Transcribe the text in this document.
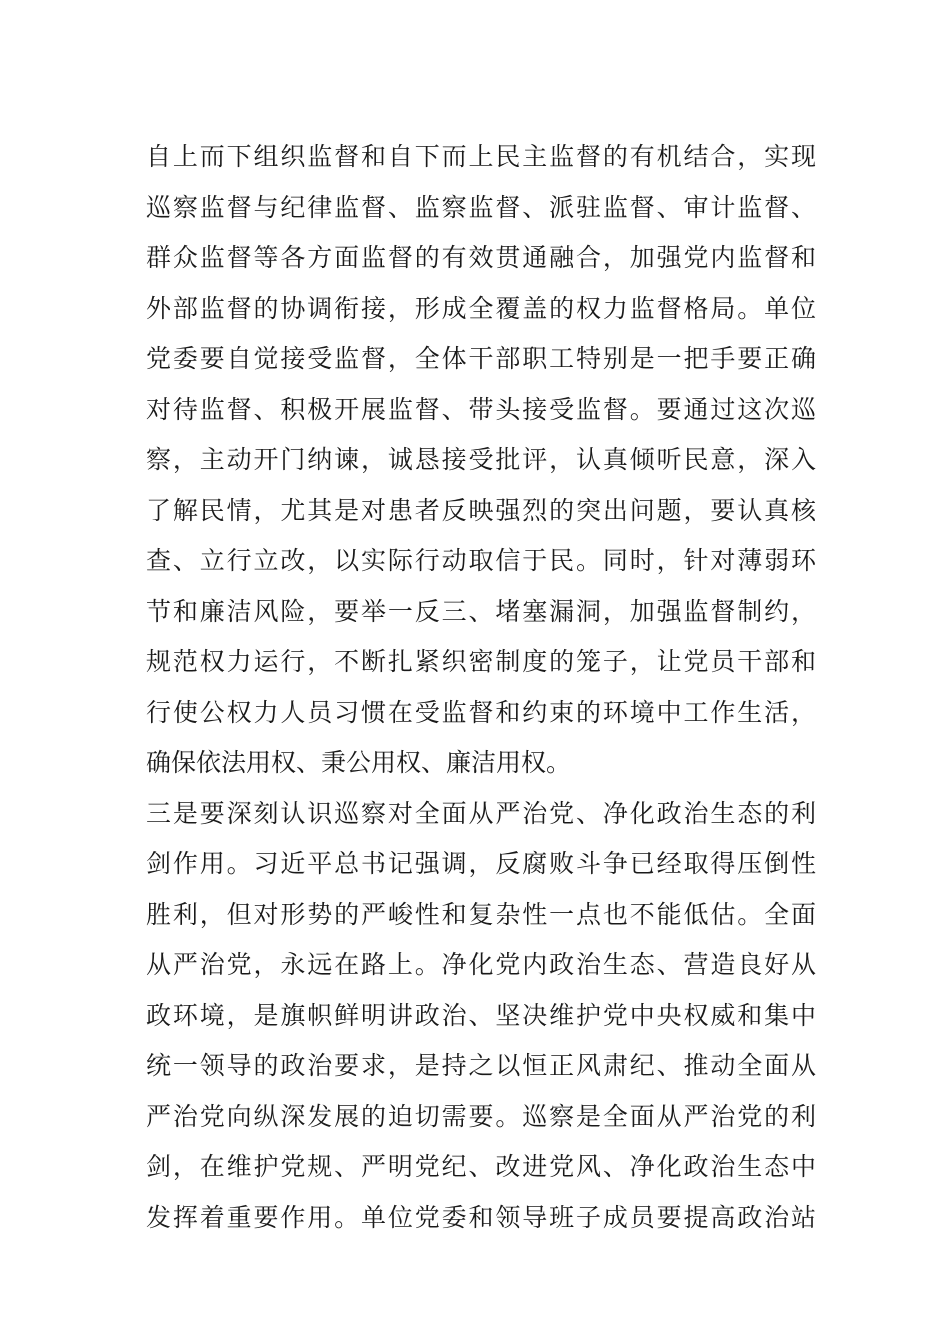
自上而下组织监督和自下而上民主监督的有机结合，实现
巡察监督与纪律监督、监察监督、派驻监督、审计监督、
群众监督等各方面监督的有效贯通融合，加强党内监督和
外部监督的协调衔接，形成全覆盖的权力监督格局。单位
党委要自觉接受监督，全体干部职工特别是一把手要正确
对待监督、积极开展监督、带头接受监督。要通过这次巡
察，主动开门纳谏，诚恳接受批评，认真倾听民意，深入
了解民情，尤其是对患者反映强烈的突出问题，要认真核
查、立行立改，以实际行动取信于民。同时，针对薄弱环
节和廉洁风险，要举一反三、堵塞漏洞，加强监督制约，
规范权力运行，不断扎紧织密制度的笼子，让党员干部和
行使公权力人员习惯在受监督和约束的环境中工作生活，
确保依法用权、秉公用权、廉洁用权。
三是要深刻认识巡察对全面从严治党、净化政治生态的利
剑作用。习近平总书记强调，反腐败斗争已经取得压倒性
胜利，但对形势的严峻性和复杂性一点也不能低估。全面
从严治党，永远在路上。净化党内政治生态、营造良好从
政环境，是旗帜鲜明讲政治、坚决维护党中央权威和集中
统一领导的政治要求，是持之以恒正风肃纪、推动全面从
严治党向纵深发展的迫切需要。巡察是全面从严治党的利
剑，在维护党规、严明党纪、改进党风、净化政治生态中
发挥着重要作用。单位党委和领导班子成员要提高政治站
